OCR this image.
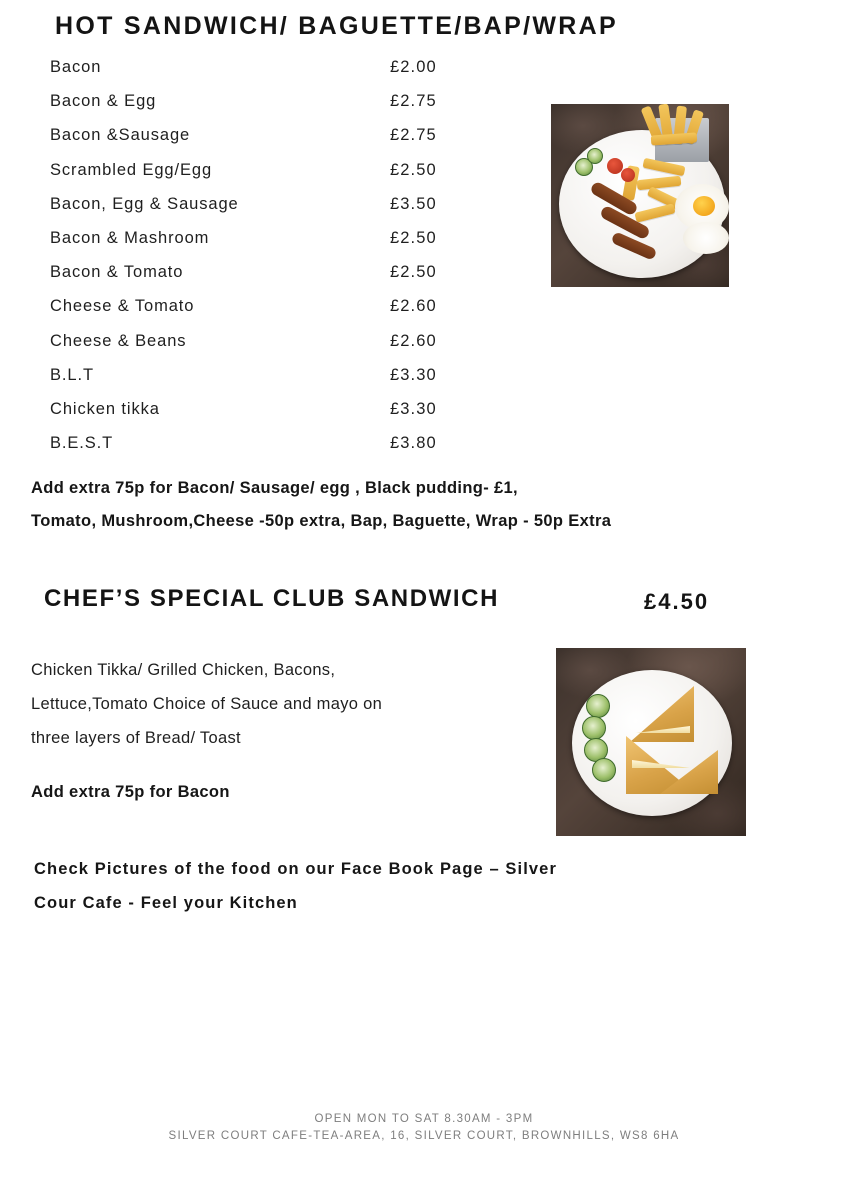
HOT SANDWICH/ BAGUETTE/BAP/WRAP
Bacon	£2.00
Bacon & Egg	£2.75
Bacon &Sausage	£2.75
Scrambled Egg/Egg	£2.50
Bacon, Egg & Sausage	£3.50
Bacon & Mashroom	£2.50
Bacon & Tomato	£2.50
Cheese & Tomato	£2.60
Cheese & Beans	£2.60
B.L.T	£3.30
Chicken tikka	£3.30
B.E.S.T	£3.80
Add extra 75p for Bacon/ Sausage/ egg , Black pudding- £1,
Tomato, Mushroom,Cheese -50p extra, Bap, Baguette, Wrap - 50p Extra
CHEF’S SPECIAL CLUB SANDWICH	£4.50
Chicken Tikka/ Grilled Chicken, Bacons,
Lettuce,Tomato Choice of Sauce and mayo on
three layers of Bread/ Toast
Add extra 75p for Bacon
Check Pictures of the food on our Face Book Page – Silver
Cour Cafe - Feel your Kitchen
OPEN MON TO SAT 8.30AM - 3PM
SILVER COURT CAFE-TEA-AREA, 16, SILVER COURT, BROWNHILLS, WS8 6HA
